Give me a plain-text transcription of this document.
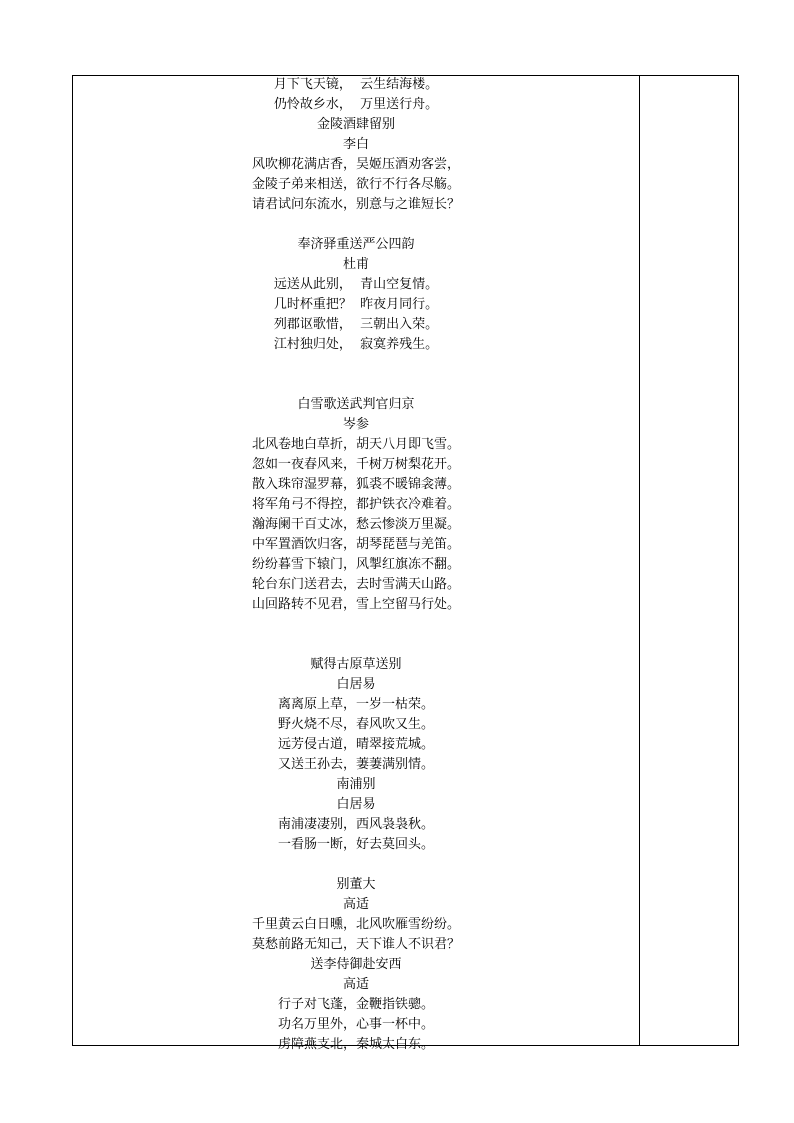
月下飞天镜，  云生结海楼。
仍怜故乡水，  万里送行舟。
金陵酒肆留别
李白
风吹柳花满店香，吴姬压酒劝客尝，
金陵子弟来相送，欲行不行各尽觞。
请君试问东流水，别意与之谁短长？
奉济驿重送严公四韵
杜甫
远送从此别，  青山空复情。
几时杯重把？  昨夜月同行。
列郡讴歌惜，  三朝出入荣。
江村独归处，  寂寞养残生。
白雪歌送武判官归京
岑参
北风卷地白草折，胡天八月即飞雪。
忽如一夜春风来，千树万树梨花开。
散入珠帘湿罗幕，狐裘不暖锦衾薄。
将军角弓不得控，都护铁衣冷难着。
瀚海阑干百丈冰，愁云惨淡万里凝。
中军置酒饮归客，胡琴琵琶与羌笛。
纷纷暮雪下辕门，风掣红旗冻不翻。
轮台东门送君去，去时雪满天山路。
山回路转不见君，雪上空留马行处。
赋得古原草送别
白居易
离离原上草，一岁一枯荣。
野火烧不尽，春风吹又生。
远芳侵古道，晴翠接荒城。
又送王孙去，萋萋满别情。
南浦别
白居易
南浦凄凄别，西风袅袅秋。
一看肠一断，好去莫回头。
别董大
高适
千里黄云白日曛，北风吹雁雪纷纷。
莫愁前路无知己，天下谁人不识君？
送李侍御赴安西
高适
行子对飞蓬，金鞭指铁骢。
功名万里外，心事一杯中。
虏障燕支北，秦城太白东。
